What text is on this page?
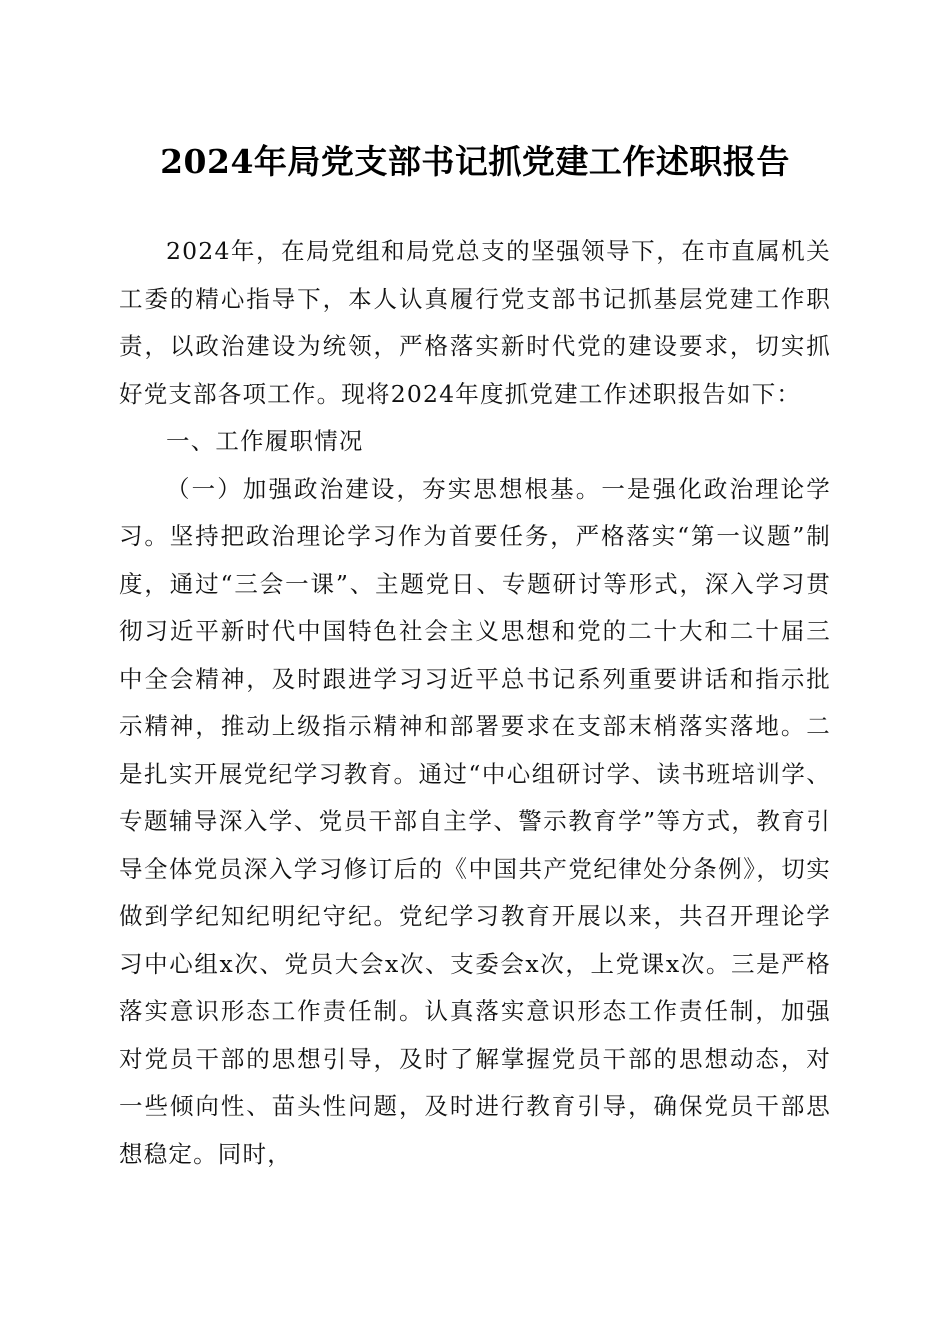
2024年局党支部书记抓党建工作述职报告

2024年，在局党组和局党总支的坚强领导下，在市直属机关工委的精心指导下，本人认真履行党支部书记抓基层党建工作职责，以政治建设为统领，严格落实新时代党的建设要求，切实抓好党支部各项工作。现将2024年度抓党建工作述职报告如下：

一、工作履职情况

（一）加强政治建设，夯实思想根基。一是强化政治理论学习。坚持把政治理论学习作为首要任务，严格落实“第一议题”制度，通过“三会一课”、主题党日、专题研讨等形式，深入学习贯彻习近平新时代中国特色社会主义思想和党的二十大和二十届三中全会精神，及时跟进学习习近平总书记系列重要讲话和指示批示精神，推动上级指示精神和部署要求在支部末梢落实落地。二是扎实开展党纪学习教育。通过“中心组研讨学、读书班培训学、专题辅导深入学、党员干部自主学、警示教育学”等方式，教育引导全体党员深入学习修订后的《中国共产党纪律处分条例》，切实做到学纪知纪明纪守纪。党纪学习教育开展以来，共召开理论学习中心组x次、党员大会x次、支委会x次，上党课x次。三是严格落实意识形态工作责任制。认真落实意识形态工作责任制，加强对党员干部的思想引导，及时了解掌握党员干部的思想动态，对一些倾向性、苗头性问题，及时进行教育引导，确保党员干部思想稳定。同时，
